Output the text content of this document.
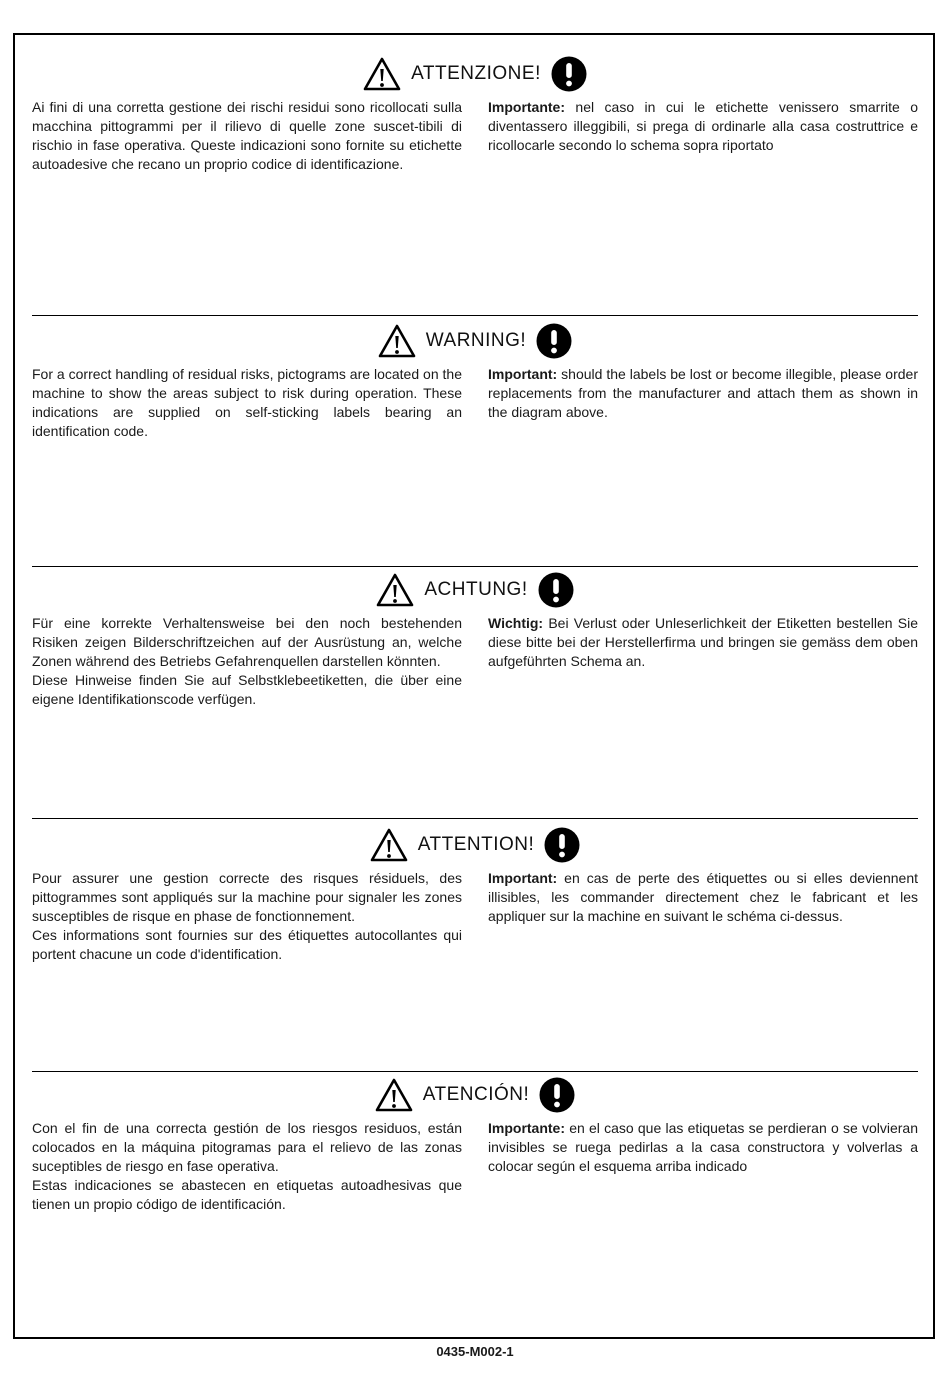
ATTENZIONE!

Ai fini di una corretta gestione dei rischi residui sono ricollocati sulla macchina pittogrammi per il rilievo di quelle zone suscet-tibili di rischio in fase operativa. Queste indicazioni sono fornite su etichette autoadesive che recano un proprio codice di identificazione.

Importante: nel caso in cui le etichette venissero smarrite o diventassero illeggibili, si prega di ordinarle alla casa costruttrice e ricollocarle secondo lo schema sopra riportato

WARNING!

For a correct handling of residual risks, pictograms are located on the machine to show the areas subject to risk during operation. These indications are supplied on self-sticking labels bearing an identification code.

Important: should the labels be lost or become illegible, please order replacements from the manufacturer and attach them as shown in the diagram above.

ACHTUNG!

Für eine korrekte Verhaltensweise bei den noch bestehenden Risiken zeigen Bilderschriftzeichen auf der Ausrüstung an, welche Zonen während des Betriebs Gefahrenquellen darstellen könnten.

Diese Hinweise finden Sie auf Selbstklebeetiketten, die über eine eigene Identifikationscode verfügen.

Wichtig: Bei Verlust oder Unleserlichkeit der Etiketten bestellen Sie diese bitte bei der Herstellerfirma und bringen sie gemäss dem oben aufgeführten Schema an.

ATTENTION!

Pour assurer une gestion correcte des risques résiduels, des pittogrammes sont appliqués sur la machine pour signaler les zones susceptibles de risque en phase de fonctionnement.

Ces informations sont fournies sur des étiquettes autocollantes qui portent chacune un code d'identification.

Important: en cas de perte des étiquettes ou si elles deviennent illisibles, les commander directement chez le fabricant et les appliquer sur la machine en suivant le schéma ci-dessus.

ATENCIÓN!

Con el fin de una correcta gestión de los riesgos residuos, están colocados en la máquina pitogramas para el relievo de las zonas suceptibles de riesgo en fase operativa.

Estas indicaciones se abastecen en etiquetas autoadhesivas que tienen un propio código de identificación.

Importante: en el caso que las etiquetas se perdieran o se volvieran invisibles se ruega pedirlas a la casa constructora y volverlas a colocar según el esquema arriba indicado

0435-M002-1
